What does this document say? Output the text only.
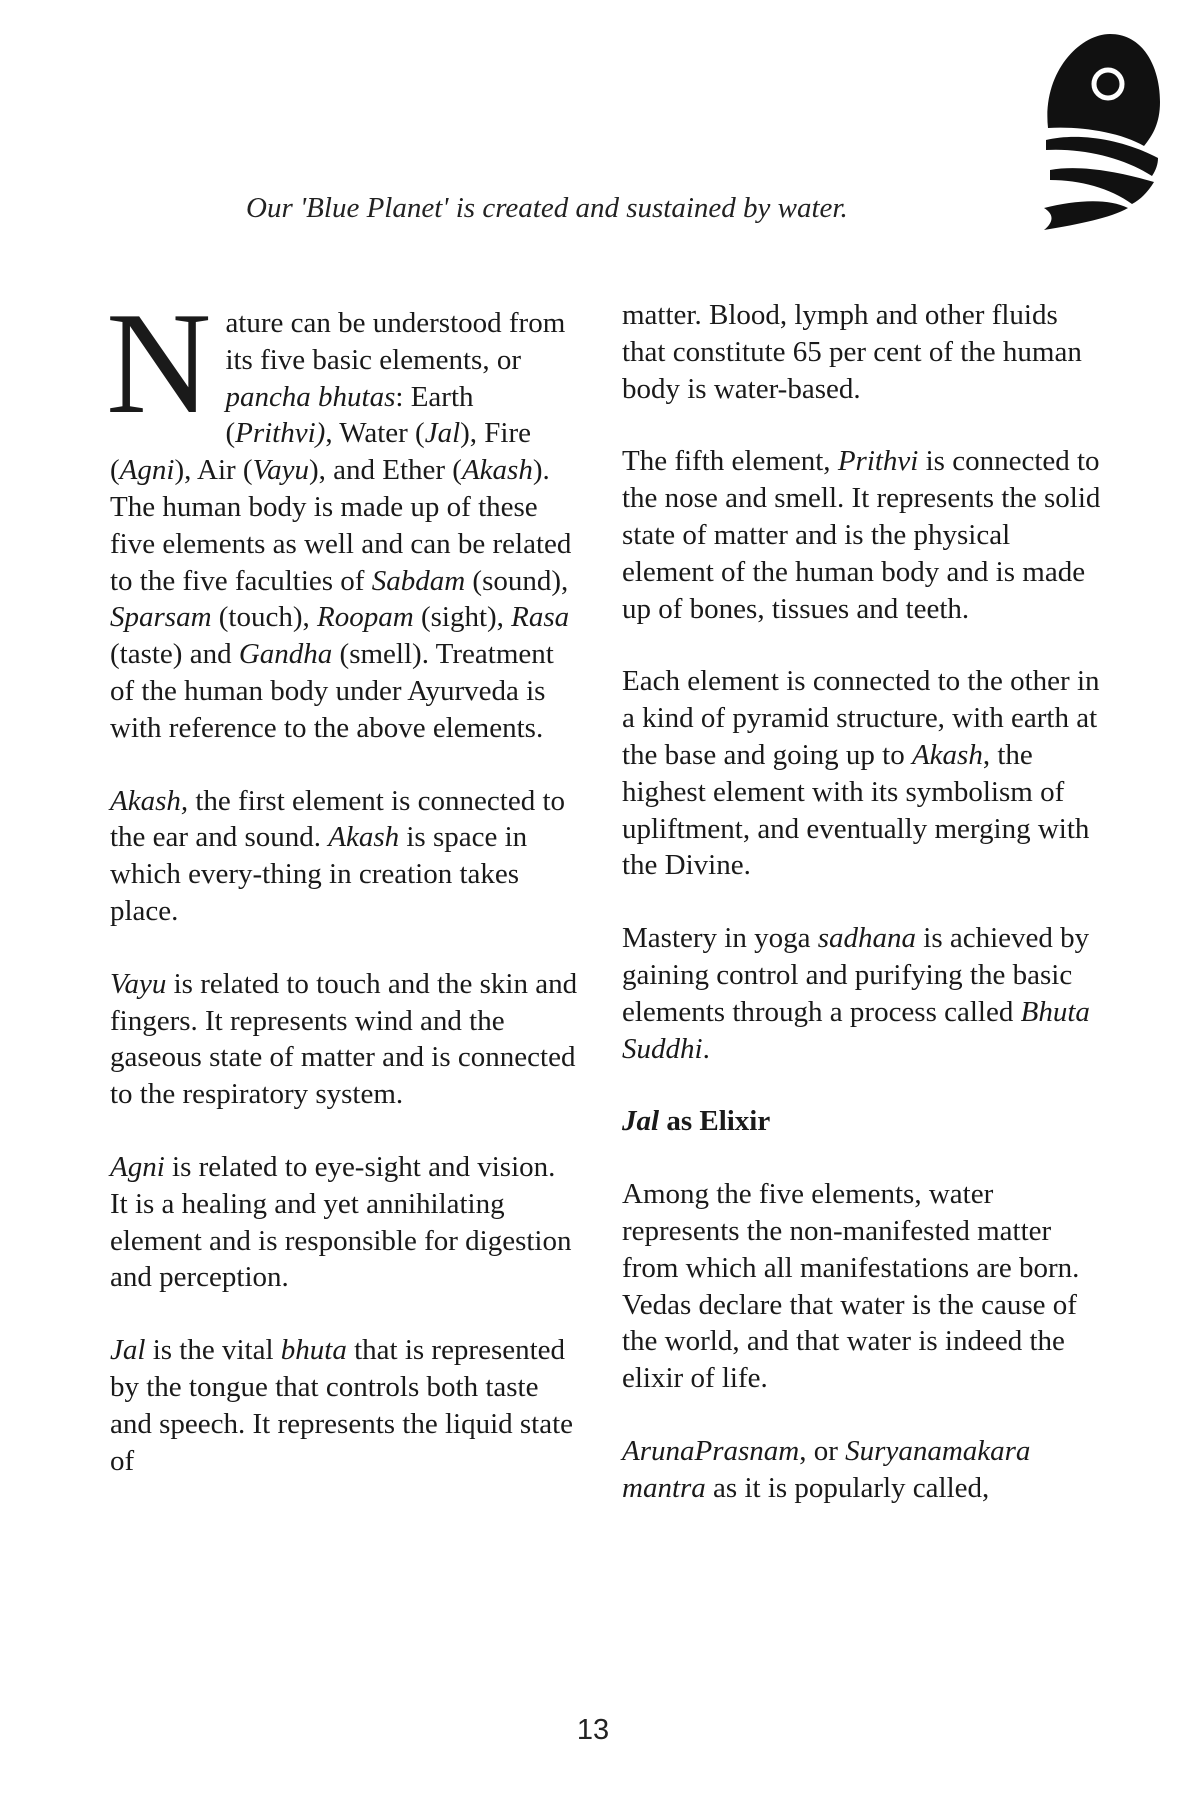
Our 'Blue Planet' is created and sustained by water.

Nature can be understood from its five basic elements, or pancha bhutas: Earth (Prithvi), Water (Jal), Fire (Agni), Air (Vayu), and Ether (Akash). The human body is made up of these five elements as well and can be related to the five faculties of Sabdam (sound), Sparsam (touch), Roopam (sight), Rasa (taste) and Gandha (smell). Treatment of the human body under Ayurveda is with reference to the above elements.

Akash, the first element is connected to the ear and sound. Akash is space in which every-thing in creation takes place.

Vayu is related to touch and the skin and fingers. It represents wind and the gaseous state of matter and is connected to the respiratory system.

Agni is related to eye-sight and vision. It is a healing and yet annihilating element and is responsible for digestion and perception.

Jal is the vital bhuta that is represented by the tongue that controls both taste and speech. It represents the liquid state of

matter. Blood, lymph and other fluids that constitute 65 per cent of the human body is water-based.

The fifth element, Prithvi is connected to the nose and smell. It represents the solid state of matter and is the physical element of the human body and is made up of bones, tissues and teeth.

Each element is connected to the other in a kind of pyramid structure, with earth at the base and going up to Akash, the highest element with its symbolism of upliftment, and eventually merging with the Divine.

Mastery in yoga sadhana is achieved by gaining control and purifying the basic elements through a process called Bhuta Suddhi.

Jal as Elixir

Among the five elements, water represents the non-manifested matter from which all manifestations are born. Vedas declare that water is the cause of the world, and that water is indeed the elixir of life.

ArunaPrasnam, or Suryanamakara mantra as it is popularly called,

13
